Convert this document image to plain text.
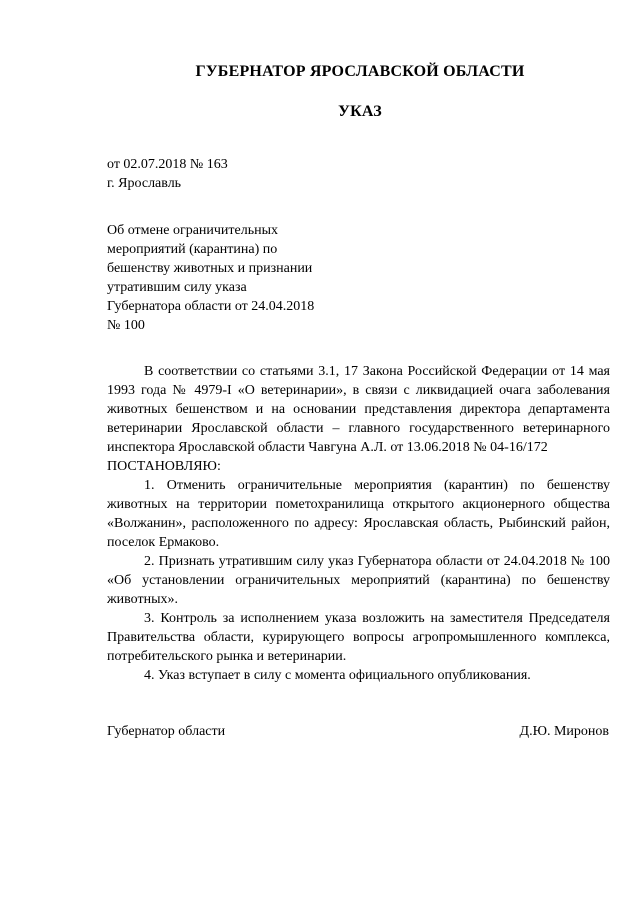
ГУБЕРНАТОР ЯРОСЛАВСКОЙ ОБЛАСТИ
УКАЗ
от 02.07.2018 № 163
г. Ярославль
Об отмене ограничительных
мероприятий (карантина) по
бешенству животных и признании
утратившим силу указа
Губернатора области от 24.04.2018
№ 100

В соответствии со статьями 3.1, 17 Закона Российской Федерации от 14 мая 1993 года № 4979-I «О ветеринарии», в связи с ликвидацией очага заболевания животных бешенством и на основании представления директора департамента ветеринарии Ярославской области – главного государственного ветеринарного инспектора Ярославской области Чавгуна А.Л. от 13.06.2018 № 04-16/172

ПОСТАНОВЛЯЮ:

1. Отменить ограничительные мероприятия (карантин) по бешенству животных на территории пометохранилища открытого акционерного общества «Волжанин», расположенного по адресу: Ярославская область, Рыбинский район, поселок Ермаково.

2. Признать утратившим силу указ Губернатора области от 24.04.2018 № 100 «Об установлении ограничительных мероприятий (карантина) по бешенству животных».

3. Контроль за исполнением указа возложить на заместителя Председателя Правительства области, курирующего вопросы агропромышленного комплекса, потребительского рынка и ветеринарии.

4. Указ вступает в силу с момента официального опубликования.

Губернатор области	Д.Ю. Миронов
